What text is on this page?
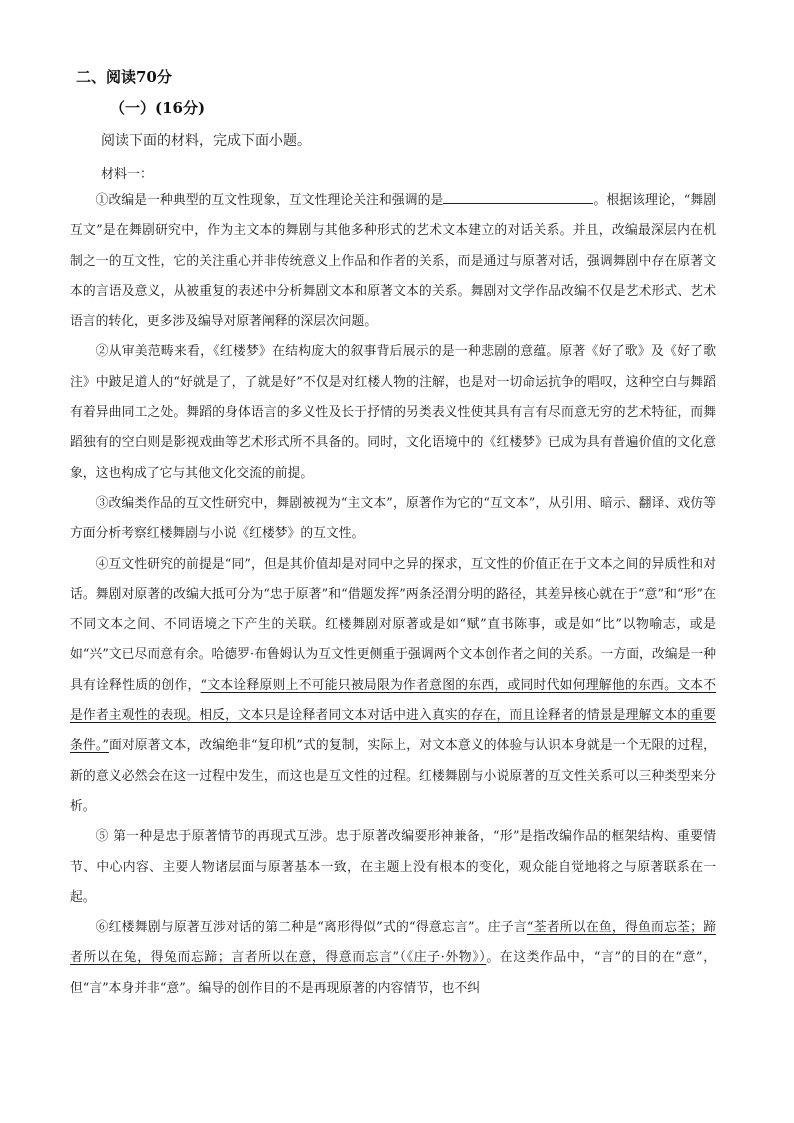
二、阅读70分
（一）(16分)
阅读下面的材料，完成下面小题。
材料一：

①改编是一种典型的互文性现象，互文性理论关注和强调的是	。根据该理论，“舞剧互文”是在舞剧研究中，作为主文本的舞剧与其他多种形式的艺术文本建立的对话关系。并且，改编最深层内在机制之一的互文性，它的关注重心并非传统意义上作品和作者的关系，而是通过与原著对话，强调舞剧中存在原著文本的言语及意义，从被重复的表述中分析舞剧文本和原著文本的关系。舞剧对文学作品改编不仅是艺术形式、艺术语言的转化，更多涉及编导对原著阐释的深层次问题。

②从审美范畴来看，《红楼梦》在结构庞大的叙事背后展示的是一种悲剧的意蕴。原著《好了歌》及《好了歌注》中跛足道人的“好就是了，了就是好”不仅是对红楼人物的注解，也是对一切命运抗争的唱叹，这种空白与舞蹈有着异曲同工之处。舞蹈的身体语言的多义性及长于抒情的另类表义性使其具有言有尽而意无穷的艺术特征，而舞蹈独有的空白则是影视戏曲等艺术形式所不具备的。同时，文化语境中的《红楼梦》已成为具有普遍价值的文化意象，这也构成了它与其他文化交流的前提。

③改编类作品的互文性研究中，舞剧被视为“主文本”，原著作为它的“互文本”，从引用、暗示、翻译、戏仿等方面分析考察红楼舞剧与小说《红楼梦》的互文性。

④互文性研究的前提是“同”，但是其价值却是对同中之异的探求，互文性的价值正在于文本之间的异质性和对话。舞剧对原著的改编大抵可分为“忠于原著”和“借题发挥”两条泾渭分明的路径，其差异核心就在于“意”和“形”在不同文本之间、不同语境之下产生的关联。红楼舞剧对原著或是如“赋”直书陈事，或是如“比”以物喻志，或是如“兴”文已尽而意有余。哈德罗·布鲁姆认为互文性更侧重于强调两个文本创作者之间的关系。一方面，改编是一种具有诠释性质的创作，“文本诠释原则上不可能只被局限为作者意图的东西，或同时代如何理解他的东西。文本不是作者主观性的表现。相反，文本只是诠释者同文本对话中进入真实的存在，而且诠释者的情景是理解文本的重要条件。”面对原著文本，改编绝非“复印机”式的复制，实际上，对文本意义的体验与认识本身就是一个无限的过程，新的意义必然会在这一过程中发生，而这也是互文性的过程。红楼舞剧与小说原著的互文性关系可以三种类型来分析。

⑤ 第一种是忠于原著情节的再现式互涉。忠于原著改编要形神兼备，“形”是指改编作品的框架结构、重要情节、中心内容、主要人物诸层面与原著基本一致，在主题上没有根本的变化，观众能自觉地将之与原著联系在一起。

⑥红楼舞剧与原著互涉对话的第二种是“离形得似”式的“得意忘言”。庄子言“荃者所以在鱼，得鱼而忘荃；蹄者所以在兔，得兔而忘蹄；言者所以在意，得意而忘言”（《庄子·外物》）。在这类作品中，“言”的目的在“意”，但“言”本身并非“意”。编导的创作目的不是再现原著的内容情节，也不纠
